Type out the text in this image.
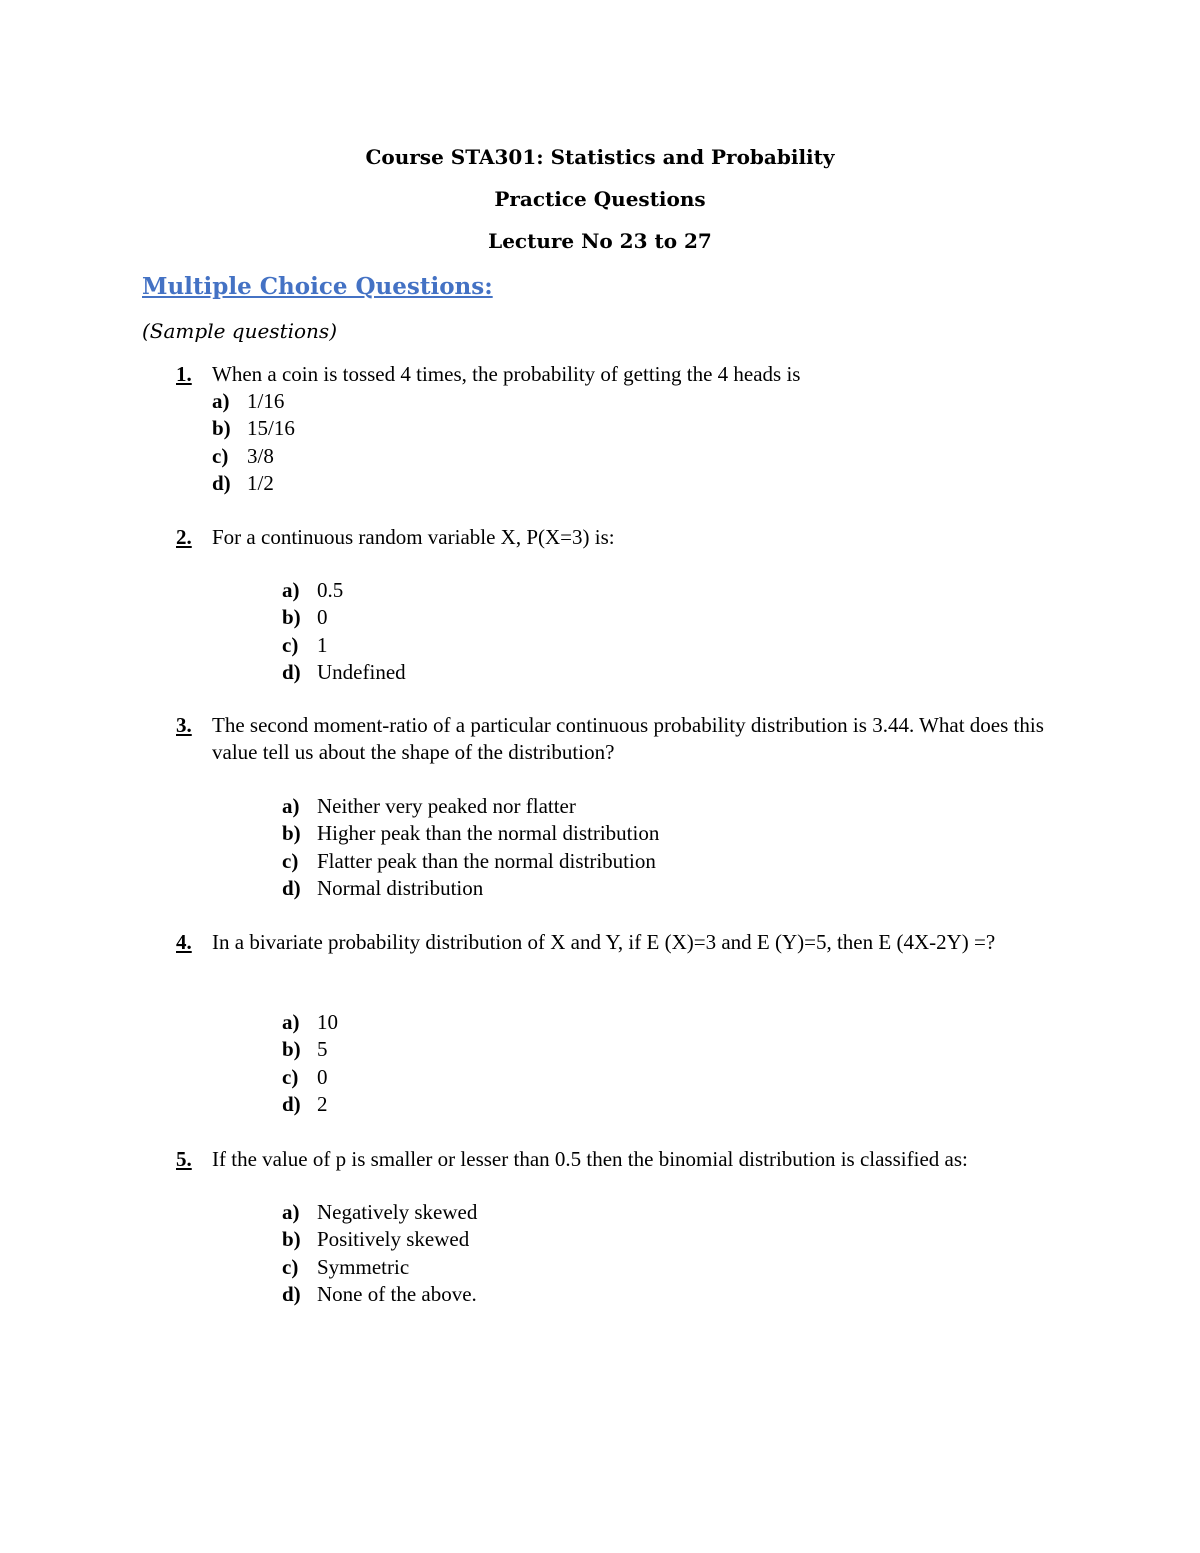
Course STA301: Statistics and Probability
Practice Questions
Lecture No 23 to 27
Multiple Choice Questions:
(Sample questions)
1. When a coin is tossed 4 times, the probability of getting the 4 heads is
a) 1/16
b) 15/16
c) 3/8
d) 1/2
2. For a continuous random variable X, P(X=3) is:
a) 0.5
b) 0
c) 1
d) Undefined
3. The second moment-ratio of a particular continuous probability distribution is 3.44. What does this value tell us about the shape of the distribution?
a) Neither very peaked nor flatter
b) Higher peak than the normal distribution
c) Flatter peak than the normal distribution
d) Normal distribution
4. In a bivariate probability distribution of X and Y, if E (X)=3 and E (Y)=5, then E (4X-2Y) =?
a) 10
b) 5
c) 0
d) 2
5. If the value of p is smaller or lesser than 0.5 then the binomial distribution is classified as:
a) Negatively skewed
b) Positively skewed
c) Symmetric
d) None of the above.
